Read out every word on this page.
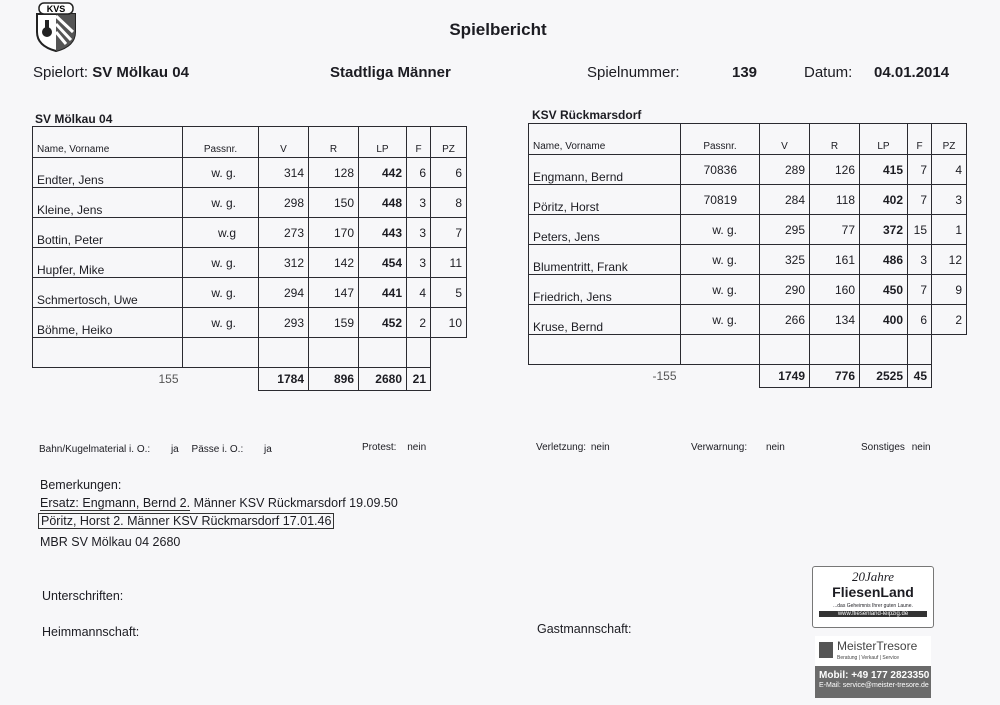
KVS
Spielbericht
Spielort: SV Mölkau 04	Stadtliga Männer	Spielnummer:	139	Datum: 04.01.2014
SV Mölkau 04	KSV Rückmarsdorf
Name, Vorname	Passnr.	V	R	LP	F	PZ
Endter, Jens	w. g.	314	128	442	6	6
Kleine, Jens	w. g.	298	150	448	3	8
Bottin, Peter	w.g	273	170	443	3	7
Hupfer, Mike	w. g.	312	142	454	3	11
Schmertosch, Uwe	w. g.	294	147	441	4	5
Böhme, Heiko	w. g.	293	159	452	2	10

155		1784	896	2680	21	
Name, Vorname	Passnr.	V	R	LP	F	PZ
Engmann, Bernd	70836	289	126	415	7	4
Pöritz, Horst	70819	284	118	402	7	3
Peters, Jens	w. g.	295	77	372	15	1
Blumentritt, Frank	w. g.	325	161	486	3	12
Friedrich, Jens	w. g.	290	160	450	7	9
Kruse, Bernd	w. g.	266	134	400	6	2

-155		1749	776	2525	45	
Bahn/Kugelmaterial i. O.: ja Pässe i. O.: ja	Protest: nein	Verletzung: nein	Verwarnung: nein	Sonstiges nein
Bemerkungen:
Ersatz: Engmann, Bernd 2. Männer KSV Rückmarsdorf 19.09.50
Pöritz, Horst 2. Männer KSV Rückmarsdorf 17.01.46
MBR SV Mölkau 04 2680
Unterschriften:
Heimmannschaft:	Gastmannschaft:
20Jahre
FliesenLand
...das Geheimnis Ihrer guten Laune.
www.fliesenland-leipzig.de
MeisterTresore
Beratung | Verkauf | Service
Mobil: +49 177 2823350
E-Mail: service@meister-tresore.de
